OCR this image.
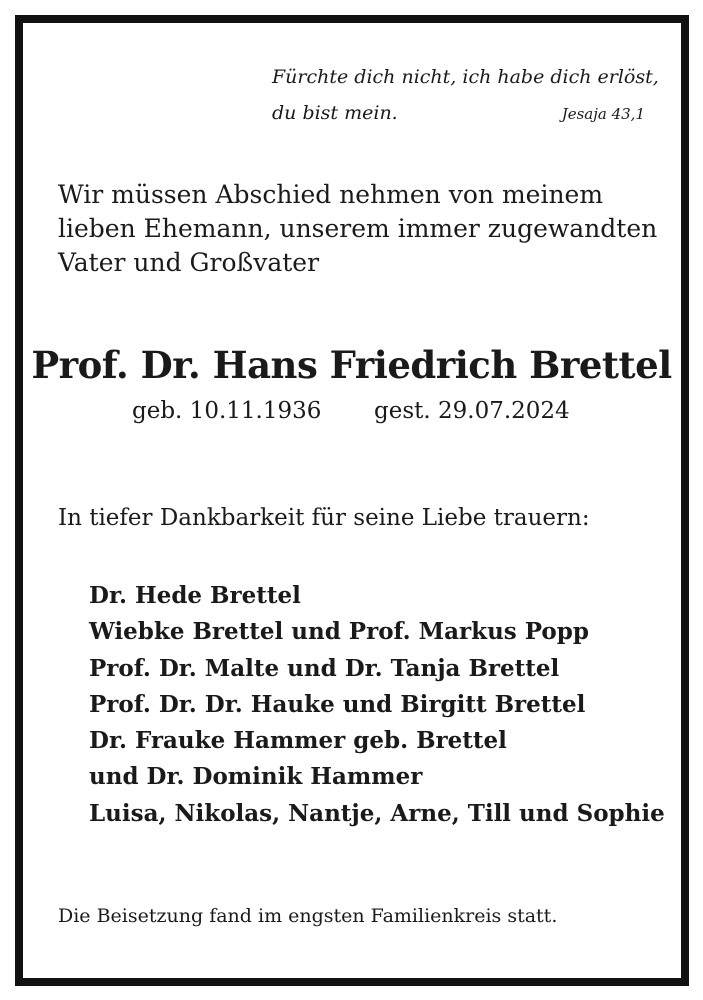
Fürchte dich nicht, ich habe dich erlöst,
du bist mein.	Jesaja 43,1
Wir müssen Abschied nehmen von meinem
lieben Ehemann, unserem immer zugewandten
Vater und Großvater
Prof. Dr. Hans Friedrich Brettel
geb. 10.11.1936 gest. 29.07.2024
In tiefer Dankbarkeit für seine Liebe trauern:
Dr. Hede Brettel
Wiebke Brettel und Prof. Markus Popp
Prof. Dr. Malte und Dr. Tanja Brettel
Prof. Dr. Dr. Hauke und Birgitt Brettel
Dr. Frauke Hammer geb. Brettel
und Dr. Dominik Hammer
Luisa, Nikolas, Nantje, Arne, Till und Sophie
Die Beisetzung fand im engsten Familienkreis statt.
